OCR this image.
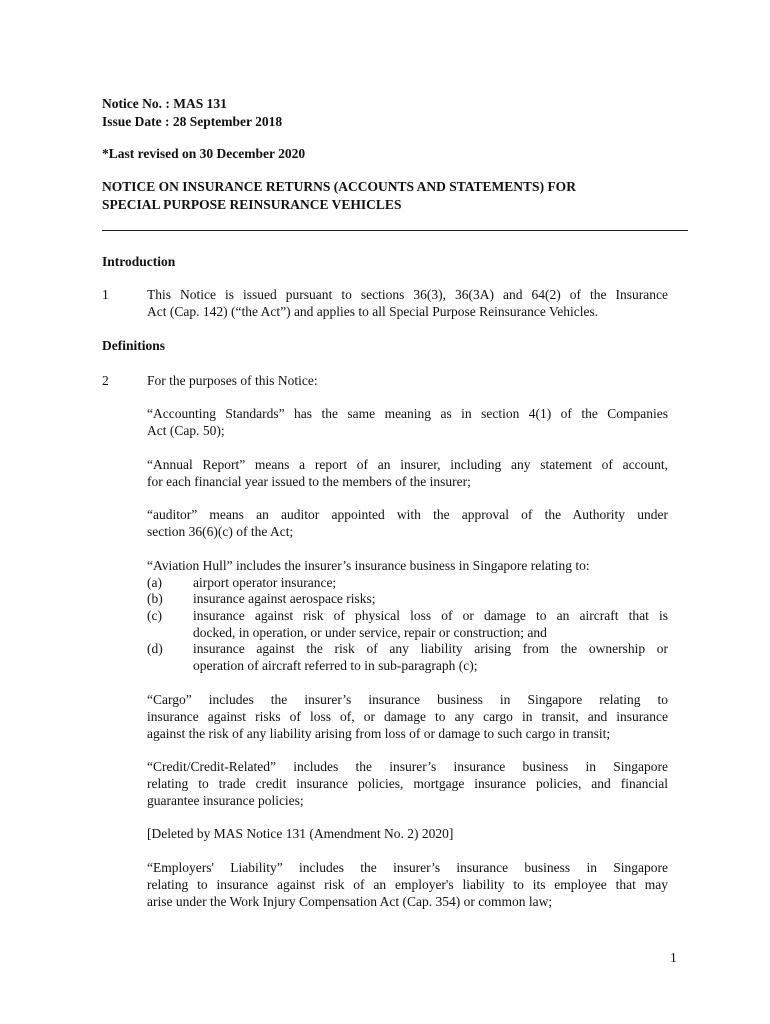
Notice No. : MAS 131
Issue Date : 28 September 2018
*Last revised on 30 December 2020
NOTICE ON INSURANCE RETURNS (ACCOUNTS AND STATEMENTS) FOR
SPECIAL PURPOSE REINSURANCE VEHICLES
Introduction
1	This Notice is issued pursuant to sections 36(3), 36(3A) and 64(2) of the Insurance
Act (Cap. 142) (“the Act”) and applies to all Special Purpose Reinsurance Vehicles.
Definitions
2	For the purposes of this Notice:
“Accounting Standards” has the same meaning as in section 4(1) of the Companies
Act (Cap. 50);
“Annual Report” means a report of an insurer, including any statement of account,
for each financial year issued to the members of the insurer;
“auditor” means an auditor appointed with the approval of the Authority under
section 36(6)(c) of the Act;
“Aviation Hull” includes the insurer’s insurance business in Singapore relating to:
(a) airport operator insurance;
(b) insurance against aerospace risks;
(c) insurance against risk of physical loss of or damage to an aircraft that is
docked, in operation, or under service, repair or construction; and
(d) insurance against the risk of any liability arising from the ownership or
operation of aircraft referred to in sub-paragraph (c);
“Cargo” includes the insurer’s insurance business in Singapore relating to
insurance against risks of loss of, or damage to any cargo in transit, and insurance
against the risk of any liability arising from loss of or damage to such cargo in transit;
“Credit/Credit-Related” includes the insurer’s insurance business in Singapore
relating to trade credit insurance policies, mortgage insurance policies, and financial
guarantee insurance policies;
[Deleted by MAS Notice 131 (Amendment No. 2) 2020]
“Employers' Liability” includes the insurer’s insurance business in Singapore
relating to insurance against risk of an employer's liability to its employee that may
arise under the Work Injury Compensation Act (Cap. 354) or common law;
1
